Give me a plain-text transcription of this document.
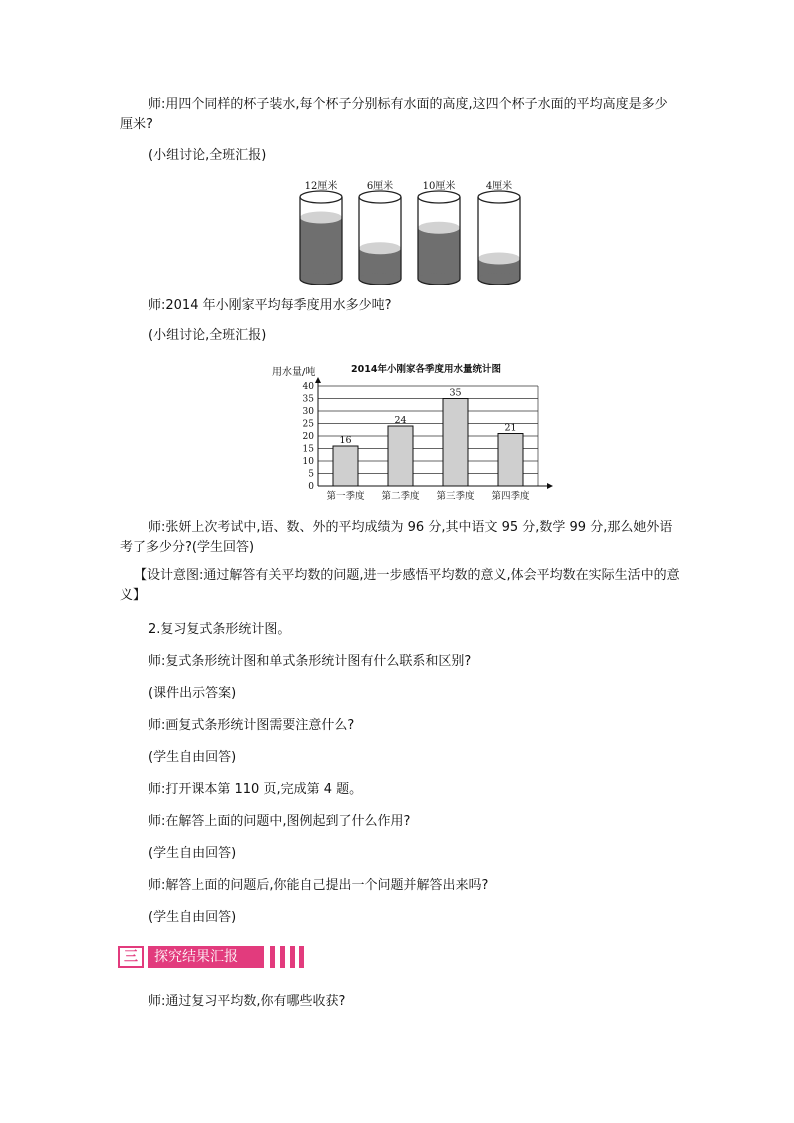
师:用四个同样的杯子装水,每个杯子分别标有水面的高度,这四个杯子水面的平均高度是多少厘米?

(小组讨论,全班汇报)

12厘米	6厘米	10厘米	4厘米

师:2014 年小刚家平均每季度用水多少吨?

(小组讨论,全班汇报)

用水量/吨	2014年小刚家各季度用水量统计图
0
5
10
15
20
25
30
35
40
16
第一季度
24
第二季度
35
第三季度
21
第四季度

师:张妍上次考试中,语、数、外的平均成绩为 96 分,其中语文 95 分,数学 99 分,那么她外语考了多少分?(学生回答)

【设计意图:通过解答有关平均数的问题,进一步感悟平均数的意义,体会平均数在实际生活中的意义】

2.复习复式条形统计图。

师:复式条形统计图和单式条形统计图有什么联系和区别?

(课件出示答案)

师:画复式条形统计图需要注意什么?

(学生自由回答)

师:打开课本第 110 页,完成第 4 题。

师:在解答上面的问题中,图例起到了什么作用?

(学生自由回答)

师:解答上面的问题后,你能自己提出一个问题并解答出来吗?

(学生自由回答)

三	探究结果汇报

师:通过复习平均数,你有哪些收获?
